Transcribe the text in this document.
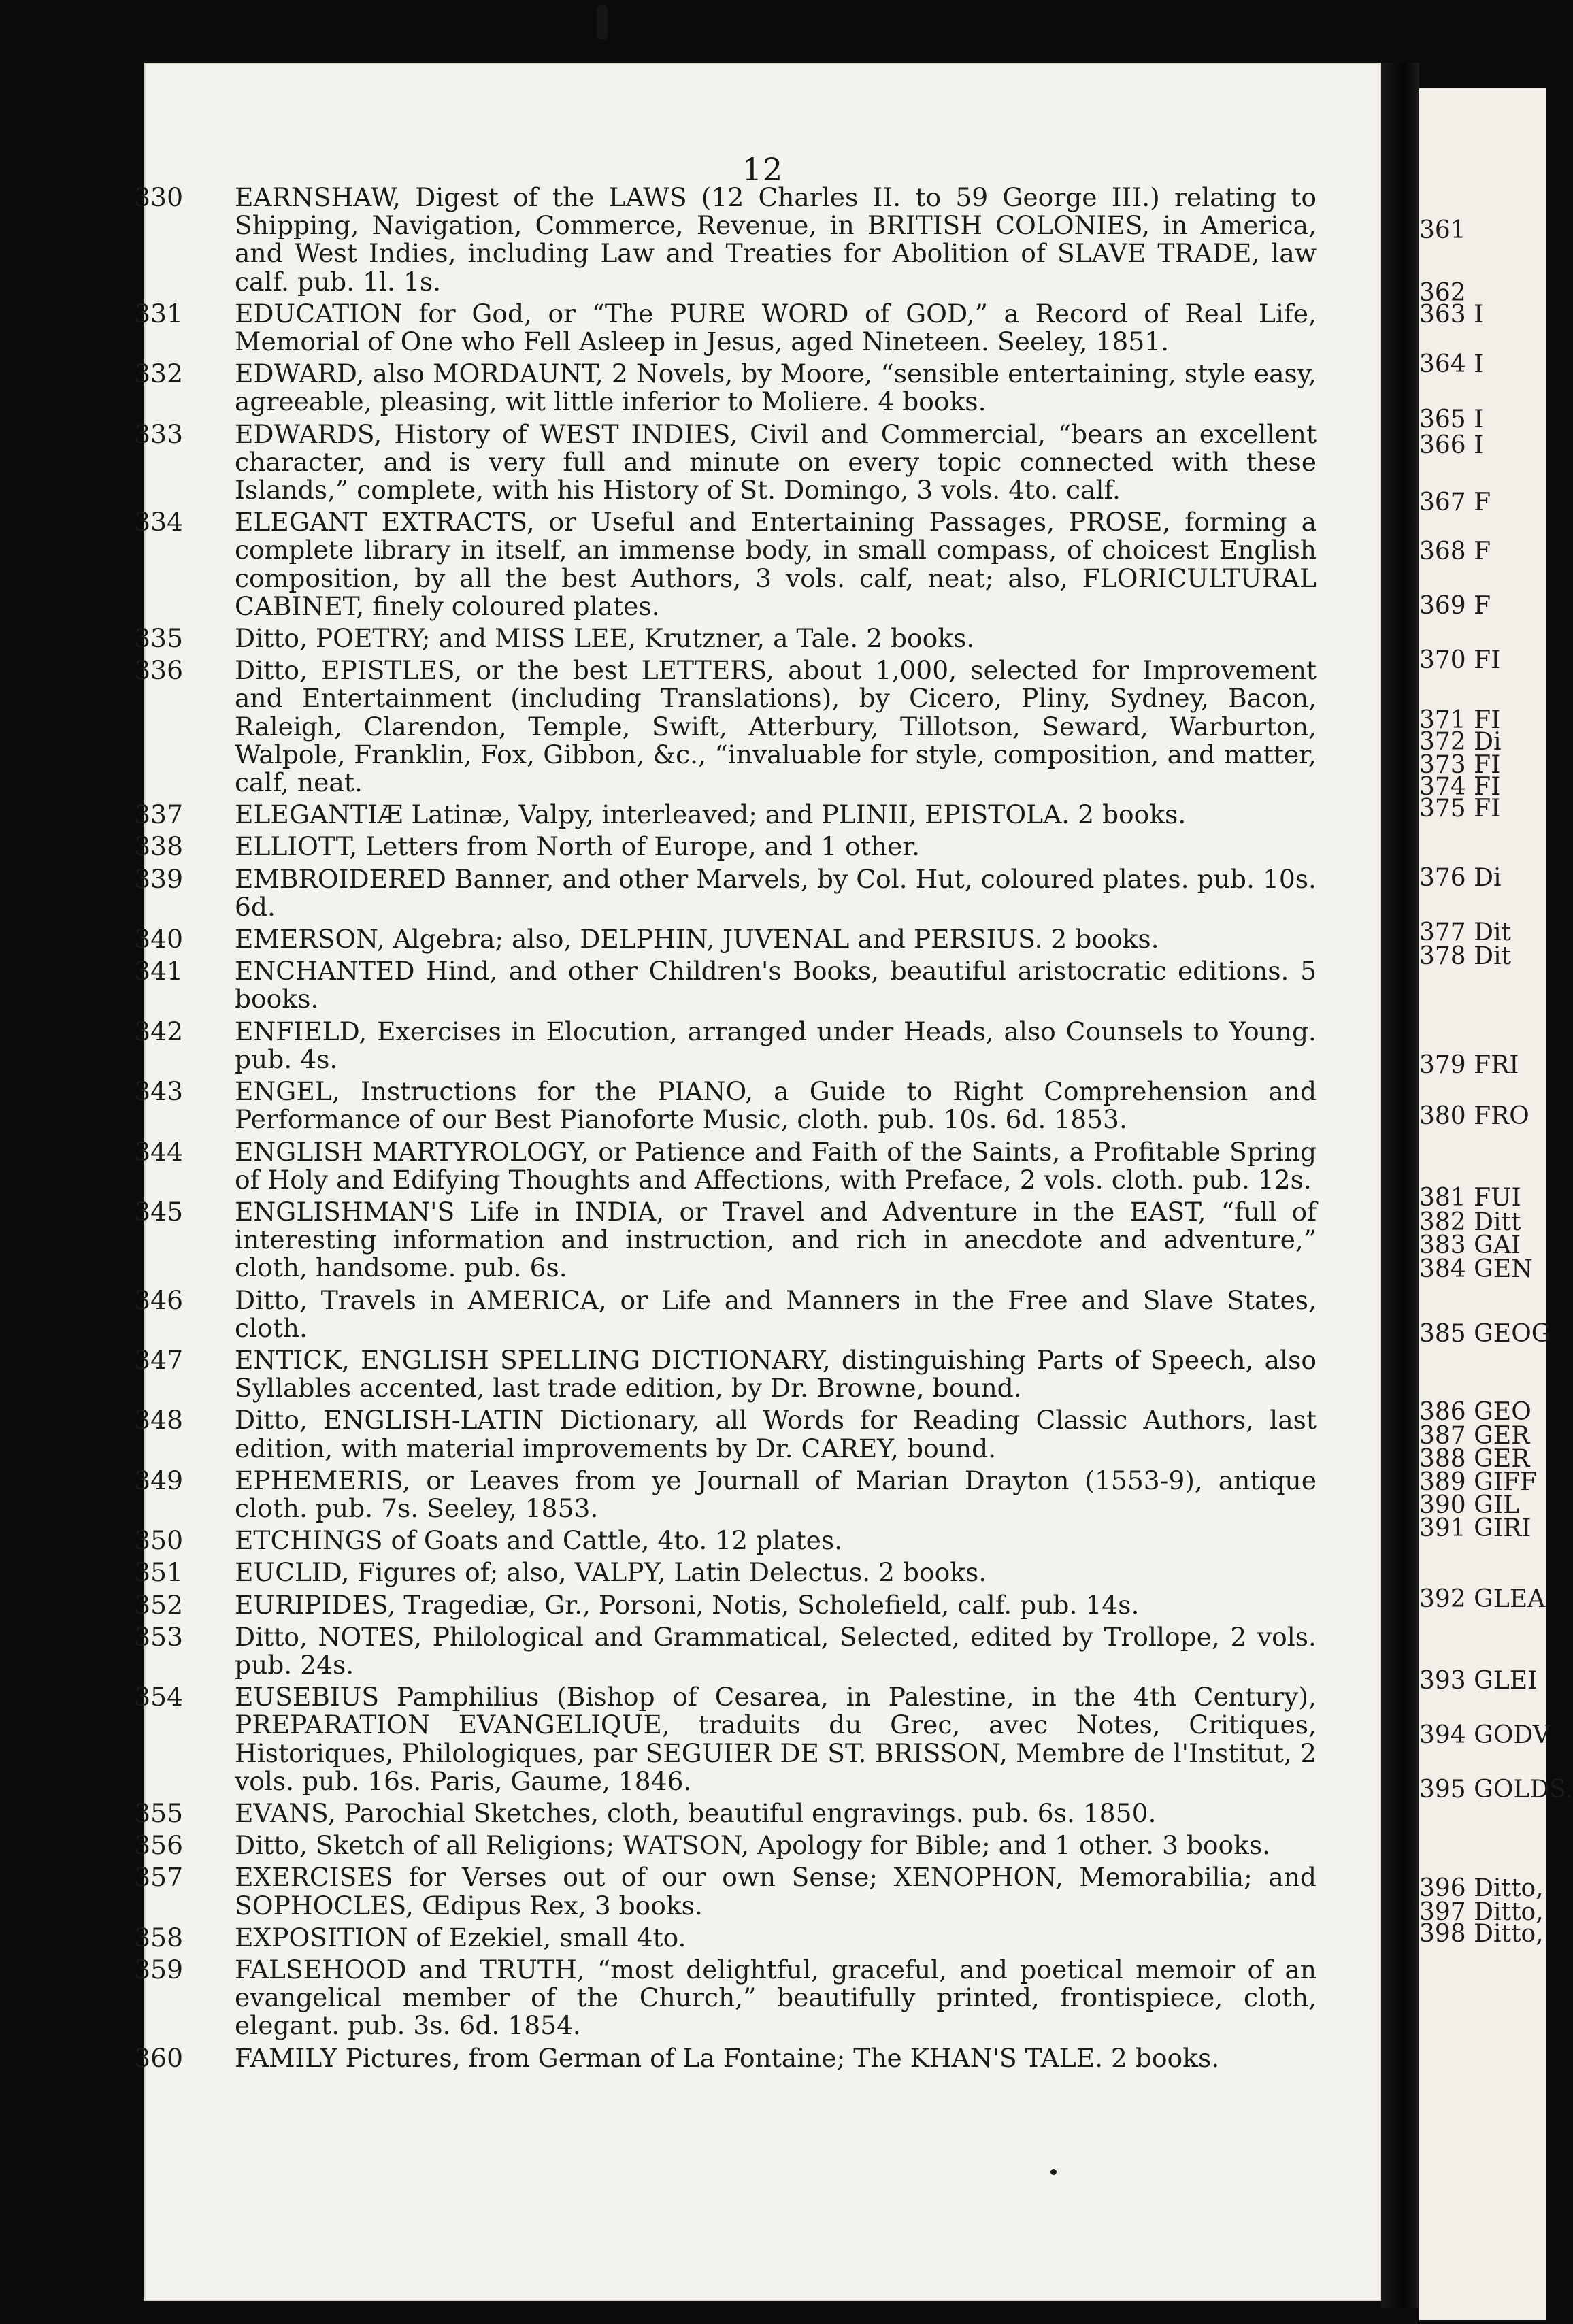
12
330 EARNSHAW, Digest of the LAWS (12 Charles II. to 59 George III.) relating to Shipping, Navigation, Commerce, Revenue, in BRITISH COLONIES, in America, and West Indies, including Law and Treaties for Abolition of SLAVE TRADE, law calf. pub. 1l. 1s.
331 EDUCATION for God, or “The PURE WORD of GOD,” a Record of Real Life, Memorial of One who Fell Asleep in Jesus, aged Nineteen. Seeley, 1851.
332 EDWARD, also MORDAUNT, 2 Novels, by Moore, “sensible entertaining, style easy, agreeable, pleasing, wit little inferior to Moliere. 4 books.
333 EDWARDS, History of WEST INDIES, Civil and Commercial, “bears an excellent character, and is very full and minute on every topic connected with these Islands,” complete, with his History of St. Domingo, 3 vols. 4to. calf.
334 ELEGANT EXTRACTS, or Useful and Entertaining Passages, PROSE, forming a complete library in itself, an immense body, in small compass, of choicest English composition, by all the best Authors, 3 vols. calf, neat; also, FLORICULTURAL CABINET, finely coloured plates.
335 Ditto, POETRY; and MISS LEE, Krutzner, a Tale. 2 books.
336 Ditto, EPISTLES, or the best LETTERS, about 1,000, selected for Improvement and Entertainment (including Translations), by Cicero, Pliny, Sydney, Bacon, Raleigh, Clarendon, Temple, Swift, Atterbury, Tillotson, Seward, Warburton, Walpole, Franklin, Fox, Gibbon, &c., “invaluable for style, composition, and matter, calf, neat.
337 ELEGANTIÆ Latinæ, Valpy, interleaved; and PLINII, EPISTOLA. 2 books.
338 ELLIOTT, Letters from North of Europe, and 1 other.
339 EMBROIDERED Banner, and other Marvels, by Col. Hut, coloured plates. pub. 10s. 6d.
340 EMERSON, Algebra; also, DELPHIN, JUVENAL and PERSIUS. 2 books.
341 ENCHANTED Hind, and other Children's Books, beautiful aristocratic editions. 5 books.
342 ENFIELD, Exercises in Elocution, arranged under Heads, also Counsels to Young. pub. 4s.
343 ENGEL, Instructions for the PIANO, a Guide to Right Comprehension and Performance of our Best Pianoforte Music, cloth. pub. 10s. 6d. 1853.
344 ENGLISH MARTYROLOGY, or Patience and Faith of the Saints, a Profitable Spring of Holy and Edifying Thoughts and Affections, with Preface, 2 vols. cloth. pub. 12s.
345 ENGLISHMAN'S Life in INDIA, or Travel and Adventure in the EAST, “full of interesting information and instruction, and rich in anecdote and adventure,” cloth, handsome. pub. 6s.
346 Ditto, Travels in AMERICA, or Life and Manners in the Free and Slave States, cloth.
347 ENTICK, ENGLISH SPELLING DICTIONARY, distinguishing Parts of Speech, also Syllables accented, last trade edition, by Dr. Browne, bound.
348 Ditto, ENGLISH-LATIN Dictionary, all Words for Reading Classic Authors, last edition, with material improvements by Dr. CAREY, bound.
349 EPHEMERIS, or Leaves from ye Journall of Marian Drayton (1553-9), antique cloth. pub. 7s. Seeley, 1853.
350 ETCHINGS of Goats and Cattle, 4to. 12 plates.
351 EUCLID, Figures of; also, VALPY, Latin Delectus. 2 books.
352 EURIPIDES, Tragediæ, Gr., Porsoni, Notis, Scholefield, calf. pub. 14s.
353 Ditto, NOTES, Philological and Grammatical, Selected, edited by Trollope, 2 vols. pub. 24s.
354 EUSEBIUS Pamphilius (Bishop of Cesarea, in Palestine, in the 4th Century), PREPARATION EVANGELIQUE, traduits du Grec, avec Notes, Critiques, Historiques, Philologiques, par SEGUIER DE ST. BRISSON, Membre de l'Institut, 2 vols. pub. 16s. Paris, Gaume, 1846.
355 EVANS, Parochial Sketches, cloth, beautiful engravings. pub. 6s. 1850.
356 Ditto, Sketch of all Religions; WATSON, Apology for Bible; and 1 other. 3 books.
357 EXERCISES for Verses out of our own Sense; XENOPHON, Memorabilia; and SOPHOCLES, Œdipus Rex, 3 books.
358 EXPOSITION of Ezekiel, small 4to.
359 FALSEHOOD and TRUTH, “most delightful, graceful, and poetical memoir of an evangelical member of the Church,” beautifully printed, frontispiece, cloth, elegant. pub. 3s. 6d. 1854.
360 FAMILY Pictures, from German of La Fontaine; The KHAN'S TALE. 2 books.
361
362
363 I
364 I
365 I
366 I
367 F
368 F
369 F
370 FI
371 FI
372 Di
373 FI
374 FI
375 FI
376 Di
377 Dit
378 Dit
379 FRI
380 FRO
381 FUI
382 Ditt
383 GAI
384 GEN
385 GEOG
386 GEO
387 GER
388 GER
389 GIFF
390 GIL
391 GIRI
392 GLEA
393 GLEI
394 GODV
395 GOLDS.
396 Ditto,
397 Ditto,
398 Ditto,
